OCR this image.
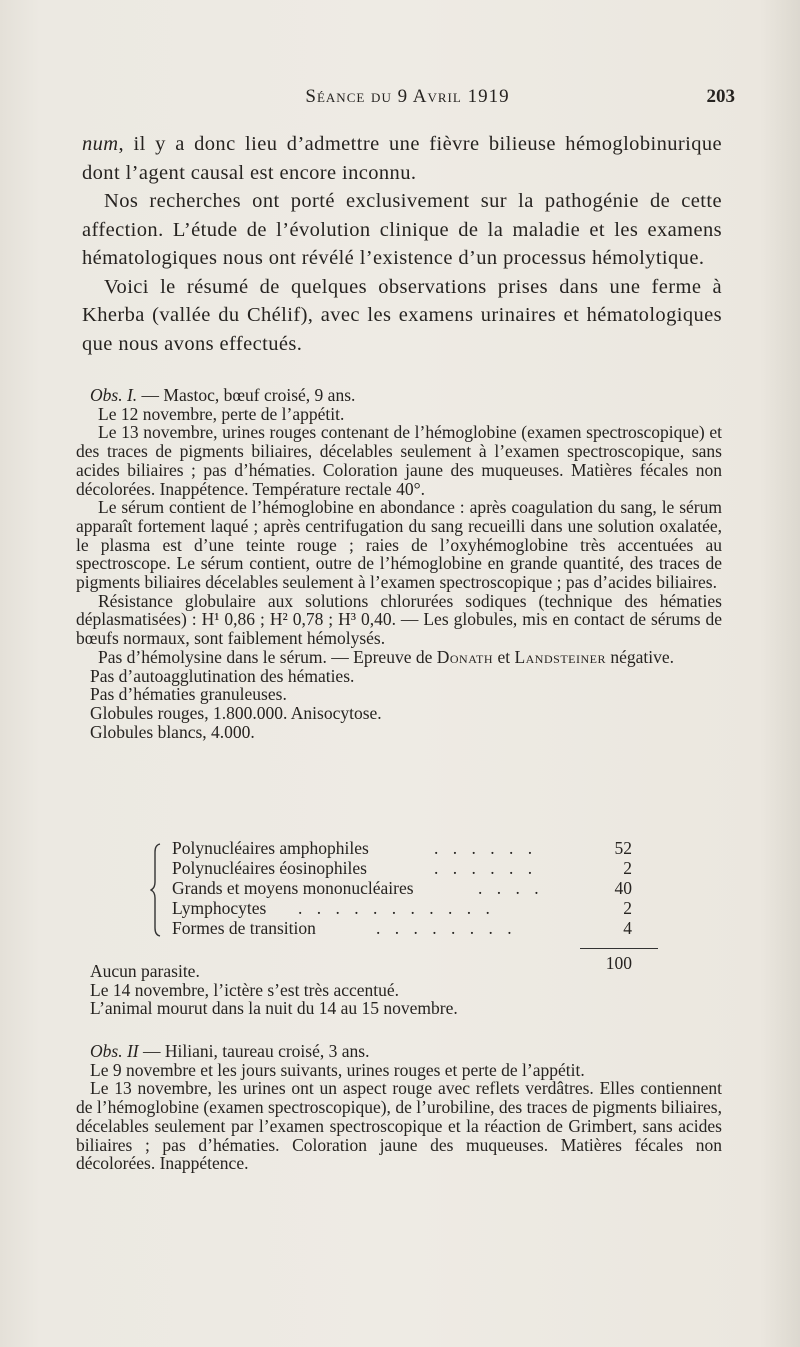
Séance du 9 Avril 1919	203

num, il y a donc lieu d’admettre une fièvre bilieuse hémoglobinurique dont l’agent causal est encore inconnu.

Nos recherches ont porté exclusivement sur la pathogénie de cette affection. L’étude de l’évolution clinique de la maladie et les examens hématologiques nous ont révélé l’existence d’un processus hémolytique.

Voici le résumé de quelques observations prises dans une ferme à Kherba (vallée du Chélif), avec les examens urinaires et hématologiques que nous avons effectués.

Obs. I. — Mastoc, bœuf croisé, 9 ans.

Le 12 novembre, perte de l’appétit.

Le 13 novembre, urines rouges contenant de l’hémoglobine (examen spectroscopique) et des traces de pigments biliaires, décelables seulement à l’examen spectroscopique, sans acides biliaires ; pas d’hématies. Coloration jaune des muqueuses. Matières fécales non décolorées. Inappétence. Température rectale 40°.

Le sérum contient de l’hémoglobine en abondance : après coagulation du sang, le sérum apparaît fortement laqué ; après centrifugation du sang recueilli dans une solution oxalatée, le plasma est d’une teinte rouge ; raies de l’oxyhémoglobine très accentuées au spectroscope. Le sérum contient, outre de l’hémoglobine en grande quantité, des traces de pigments biliaires décelables seulement à l’examen spectroscopique ; pas d’acides biliaires.

Résistance globulaire aux solutions chlorurées sodiques (technique des hématies déplasmatisées) : H¹ 0,86 ; H² 0,78 ; H³ 0,40. — Les globules, mis en contact de sérums de bœufs normaux, sont faiblement hémolysés.

Pas d’hémolysine dans le sérum. — Epreuve de Donath et Landsteiner négative.

Pas d’autoagglutination des hématies.

Pas d’hématies granuleuses.

Globules rouges, 1.800.000. Anisocytose.

Globules blancs, 4.000.

Polynucléaires amphophiles	. . . . . .	52
Polynucléaires éosinophiles	. . . . . .	2
Grands et moyens mononucléaires	. . . .	40
Lymphocytes . . . . . . . . . . .	2
Formes de transition	. . . . . . . .	4
100

Aucun parasite.

Le 14 novembre, l’ictère s’est très accentué.

L’animal mourut dans la nuit du 14 au 15 novembre.

Obs. II — Hiliani, taureau croisé, 3 ans.

Le 9 novembre et les jours suivants, urines rouges et perte de l’appétit.

Le 13 novembre, les urines ont un aspect rouge avec reflets verdâtres. Elles contiennent de l’hémoglobine (examen spectroscopique), de l’urobiline, des traces de pigments biliaires, décelables seulement par l’examen spectroscopique et la réaction de Grimbert, sans acides biliaires ; pas d’hématies. Coloration jaune des muqueuses. Matières fécales non décolorées. Inappétence.
